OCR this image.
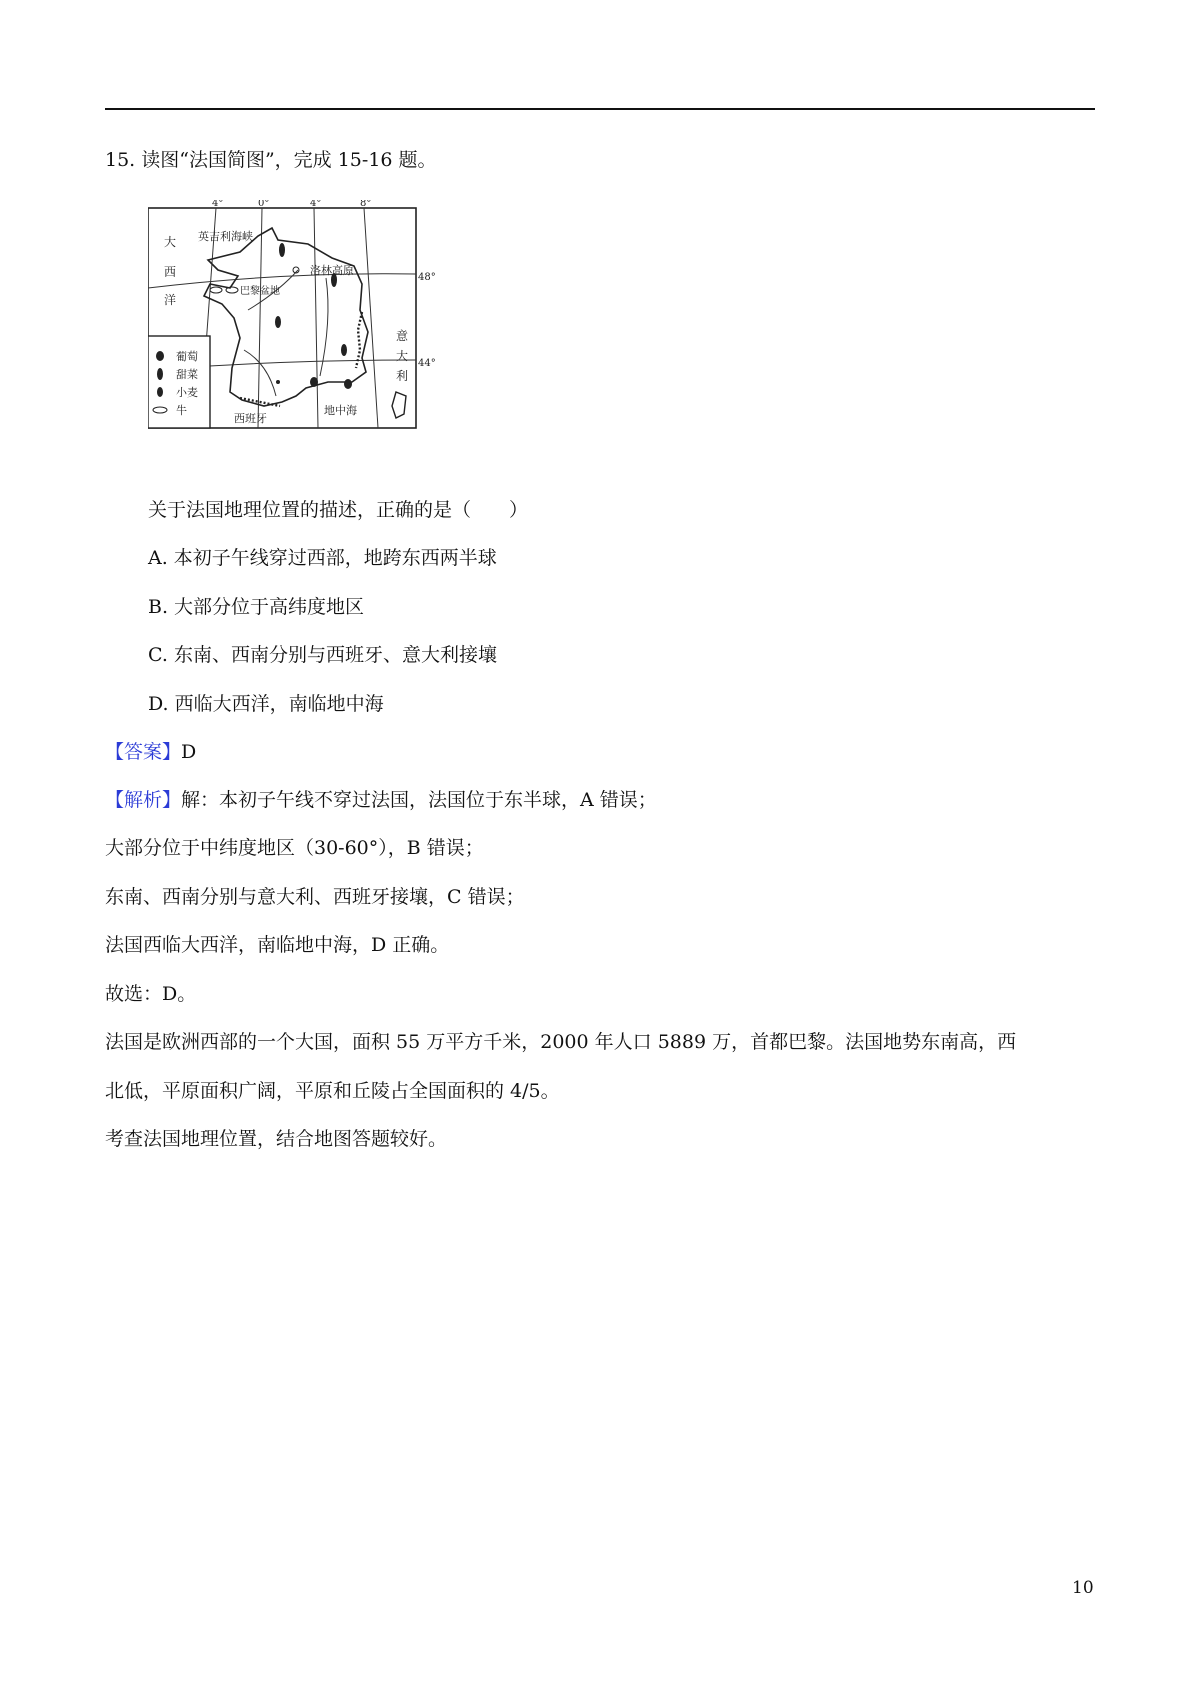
15. 读图“法国简图”，完成 15-16 题。
4°	0°	4°	8°
48°
44°
大
西
洋
英吉利海峡
洛林高原
巴黎盆地
意
大
利
西班牙
地中海
葡萄
甜菜
小麦
牛
关于法国地理位置的描述，正确的是（　　）
A. 本初子午线穿过西部，地跨东西两半球
B. 大部分位于高纬度地区
C. 东南、西南分别与西班牙、意大利接壤
D. 西临大西洋，南临地中海
【答案】D
【解析】解：本初子午线不穿过法国，法国位于东半球，A 错误；
大部分位于中纬度地区（30-60°），B 错误；
东南、西南分别与意大利、西班牙接壤，C 错误；
法国西临大西洋，南临地中海，D 正确。
故选：D。
法国是欧洲西部的一个大国，面积 55 万平方千米，2000 年人口 5889 万，首都巴黎。法国地势东南高，西
北低，平原面积广阔，平原和丘陵占全国面积的 4/5。
考查法国地理位置，结合地图答题较好。
10
